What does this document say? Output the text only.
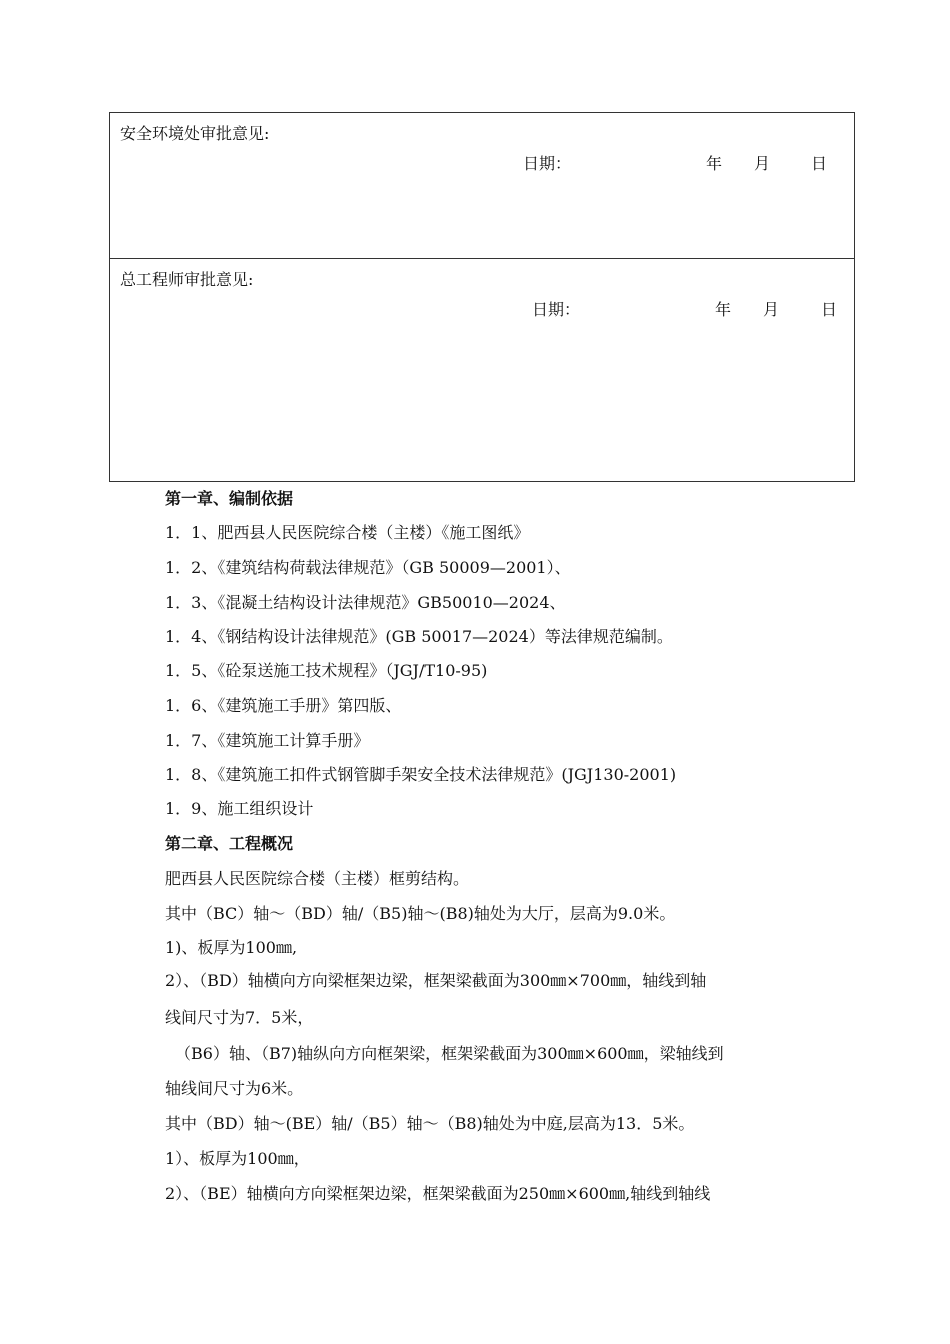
安全环境处审批意见:
日期：	年 月	日
总工程师审批意见:
日期：	年 月	日
第一章、编制依据
1．1、肥西县人民医院综合楼（主楼）《施工图纸》
1．2、《建筑结构荷载法律规范》（GB 50009—2001）、
1．3、《混凝土结构设计法律规范》GB50010—2024、
1．4、《钢结构设计法律规范》(GB 50017—2024）等法律规范编制。
1．5、《砼泵送施工技术规程》（JGJ/T10-95)
1．6、《建筑施工手册》第四版、
1．7、《建筑施工计算手册》
1．8、《建筑施工扣件式钢管脚手架安全技术法律规范》(JGJ130-2001)
1．9、施工组织设计
第二章、工程概况
肥西县人民医院综合楼（主楼）框剪结构。
其中（BC）轴～（BD）轴/（B5)轴～(B8)轴处为大厅，层高为9.0米。
1)、板厚为100㎜,
2）、（BD）轴横向方向梁框架边梁，框架梁截面为300㎜×700㎜，轴线到轴
线间尺寸为7．5米，
（B6）轴、（B7)轴纵向方向框架梁，框架梁截面为300㎜×600㎜，梁轴线到
轴线间尺寸为6米。
其中（BD）轴～(BE）轴/（B5）轴～（B8)轴处为中庭,层高为13．5米。
1）、板厚为100㎜，
2）、（BE）轴横向方向梁框架边梁，框架梁截面为250㎜×600㎜,轴线到轴线
